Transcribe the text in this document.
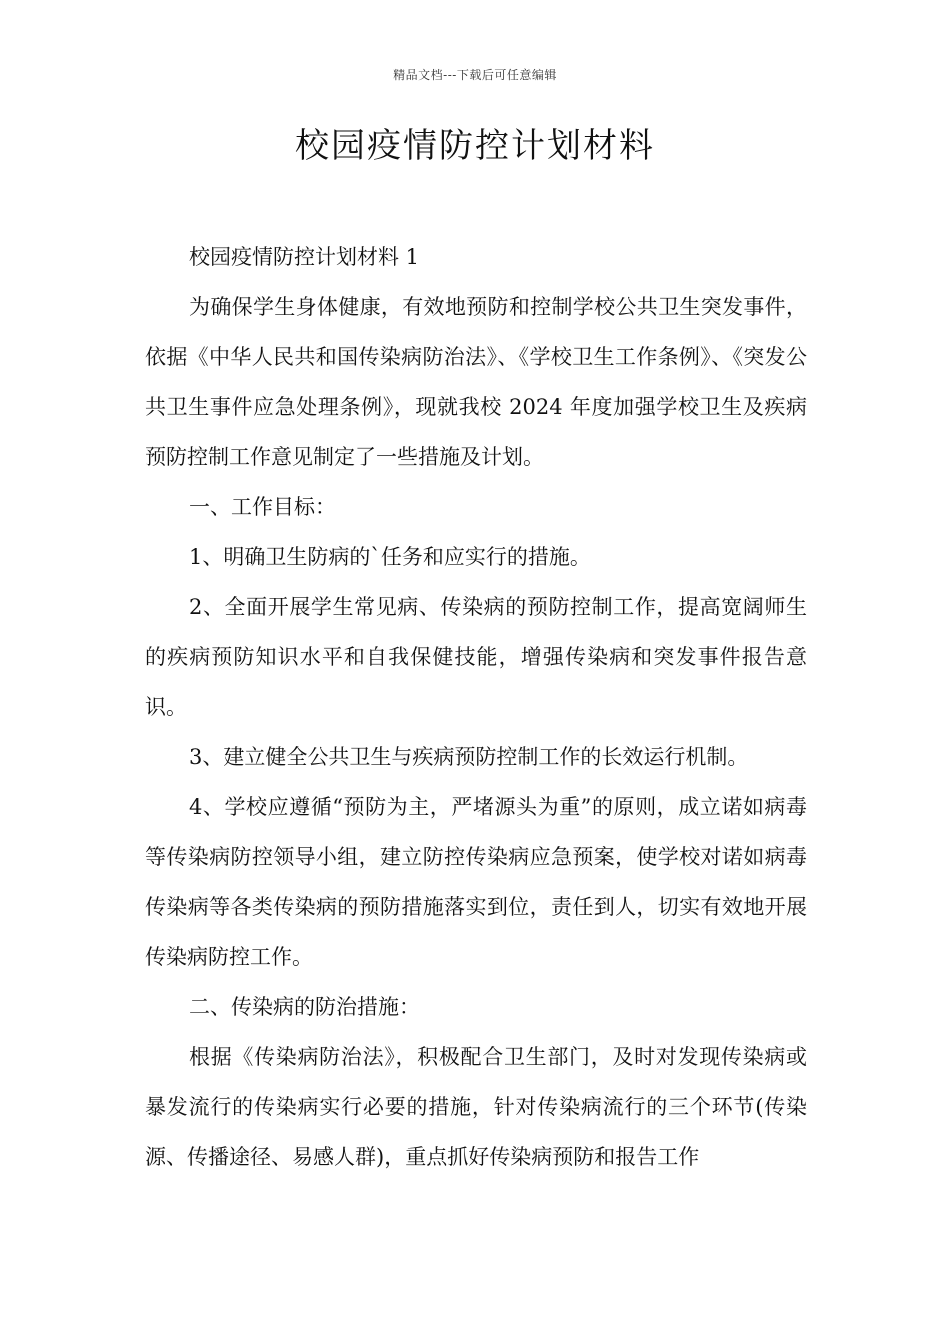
精品文档---下载后可任意编辑
校园疫情防控计划材料

校园疫情防控计划材料 1

为确保学生身体健康，有效地预防和控制学校公共卫生突发事件，依据《中华人民共和国传染病防治法》、《学校卫生工作条例》、《突发公共卫生事件应急处理条例》，现就我校 2024 年度加强学校卫生及疾病预防控制工作意见制定了一些措施及计划。

一、工作目标：

1、明确卫生防病的`任务和应实行的措施。

2、全面开展学生常见病、传染病的预防控制工作，提高宽阔师生的疾病预防知识水平和自我保健技能，增强传染病和突发事件报告意识。

3、建立健全公共卫生与疾病预防控制工作的长效运行机制。

4、学校应遵循“预防为主，严堵源头为重”的原则，成立诺如病毒等传染病防控领导小组，建立防控传染病应急预案，使学校对诺如病毒传染病等各类传染病的预防措施落实到位，责任到人，切实有效地开展传染病防控工作。

二、传染病的防治措施：

根据《传染病防治法》，积极配合卫生部门，及时对发现传染病或暴发流行的传染病实行必要的措施，针对传染病流行的三个环节(传染源、传播途径、易感人群)，重点抓好传染病预防和报告工作
